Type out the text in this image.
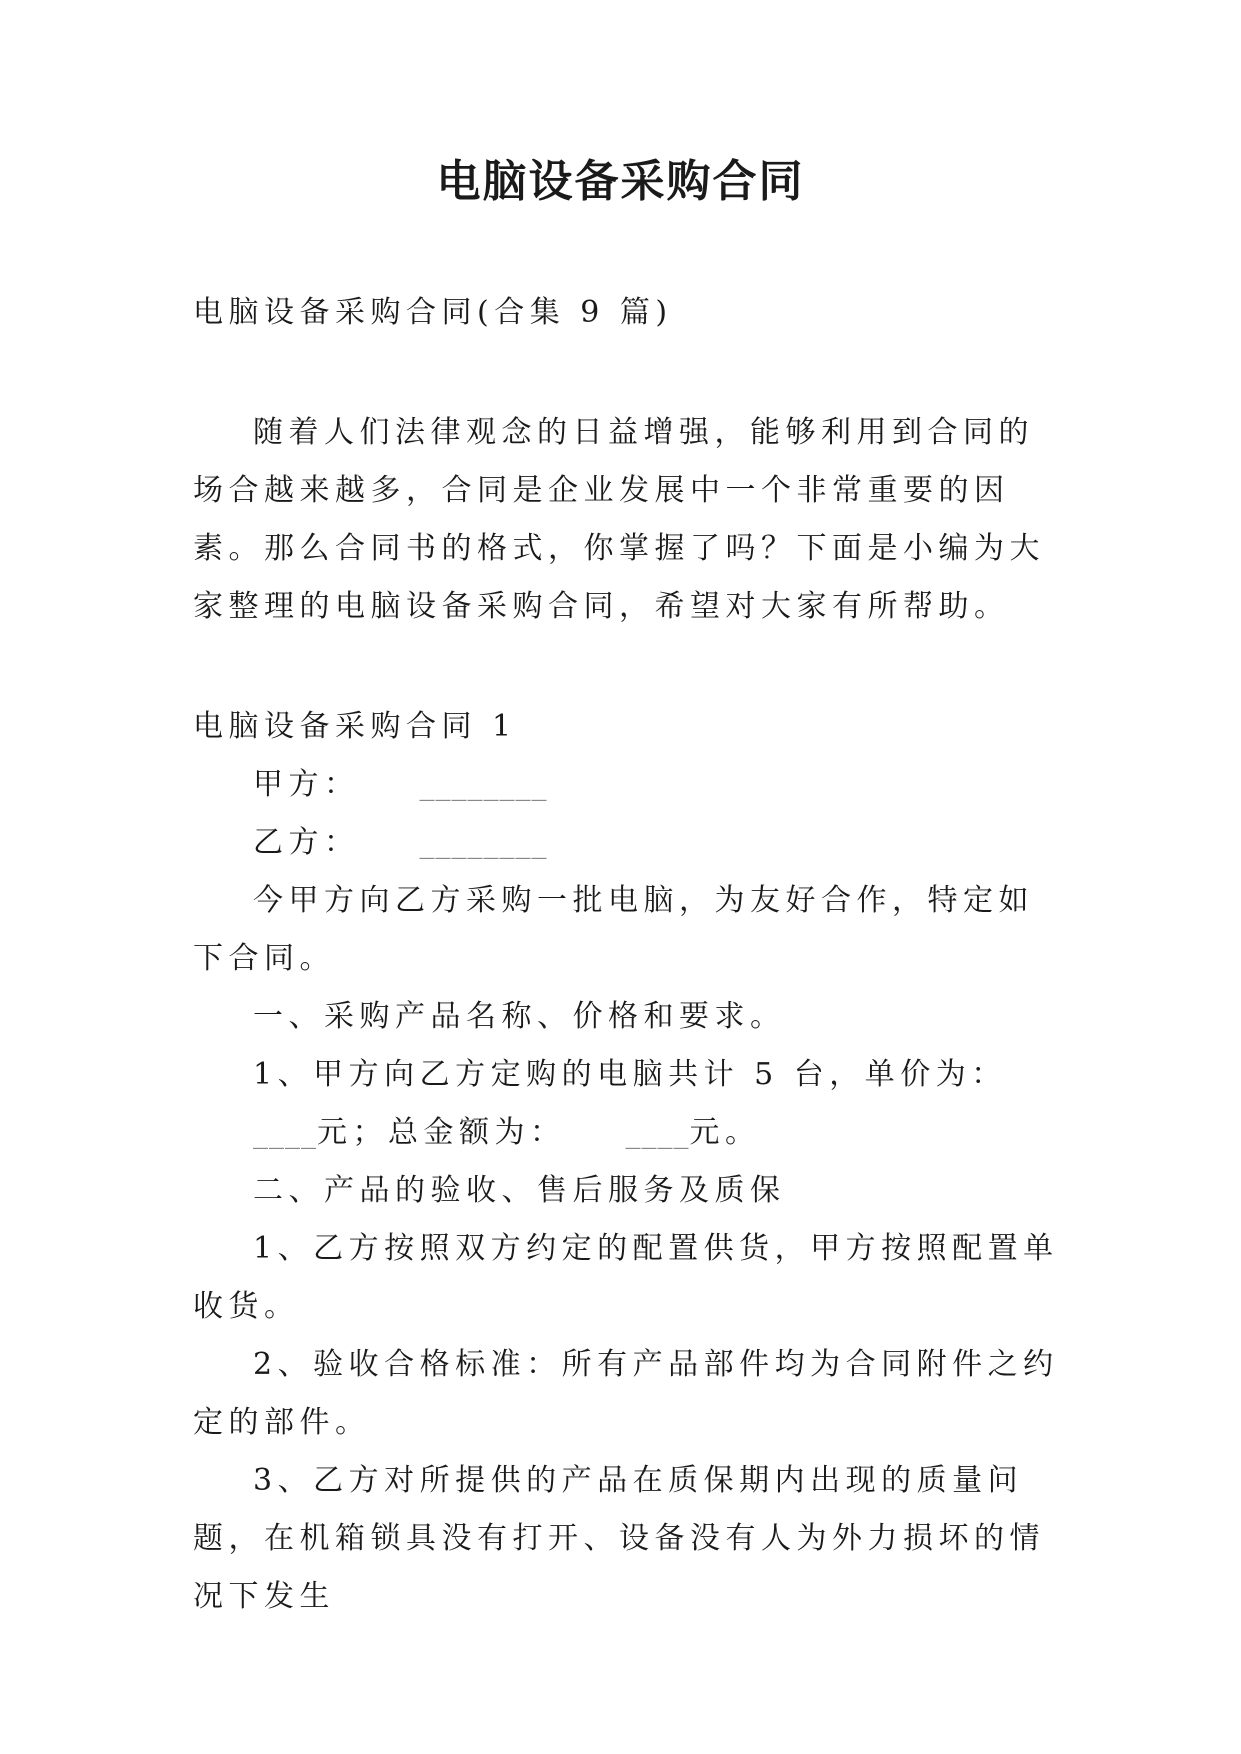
电脑设备采购合同

电脑设备采购合同(合集 9 篇)

随着人们法律观念的日益增强，能够利用到合同的场合越来越多，合同是企业发展中一个非常重要的因素。那么合同书的格式，你掌握了吗？下面是小编为大家整理的电脑设备采购合同，希望对大家有所帮助。

电脑设备采购合同 1

甲方： ________

乙方： ________

今甲方向乙方采购一批电脑，为友好合作，特定如下合同。

一、采购产品名称、价格和要求。

1、甲方向乙方定购的电脑共计 5 台，单价为：____元；总金额为： ____元。

二、产品的验收、售后服务及质保

1、乙方按照双方约定的配置供货，甲方按照配置单收货。

2、验收合格标准：所有产品部件均为合同附件之约定的部件。

3、乙方对所提供的产品在质保期内出现的质量问题，在机箱锁具没有打开、设备没有人为外力损坏的情况下发生
